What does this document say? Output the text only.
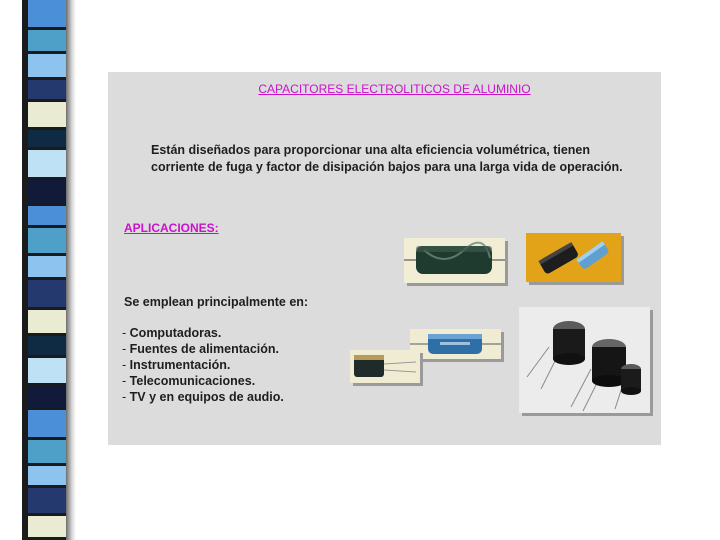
CAPACITORES ELECTROLITICOS DE ALUMINIO
Están diseñados para proporcionar una alta eficiencia volumétrica, tienen corriente de fuga y factor de disipación bajos para una larga vida de operación.
APLICACIONES:
Se emplean principalmente en:
- Computadoras.
- Fuentes de alimentación.
- Instrumentación.
- Telecomunicaciones.
- TV y en equipos de audio.
